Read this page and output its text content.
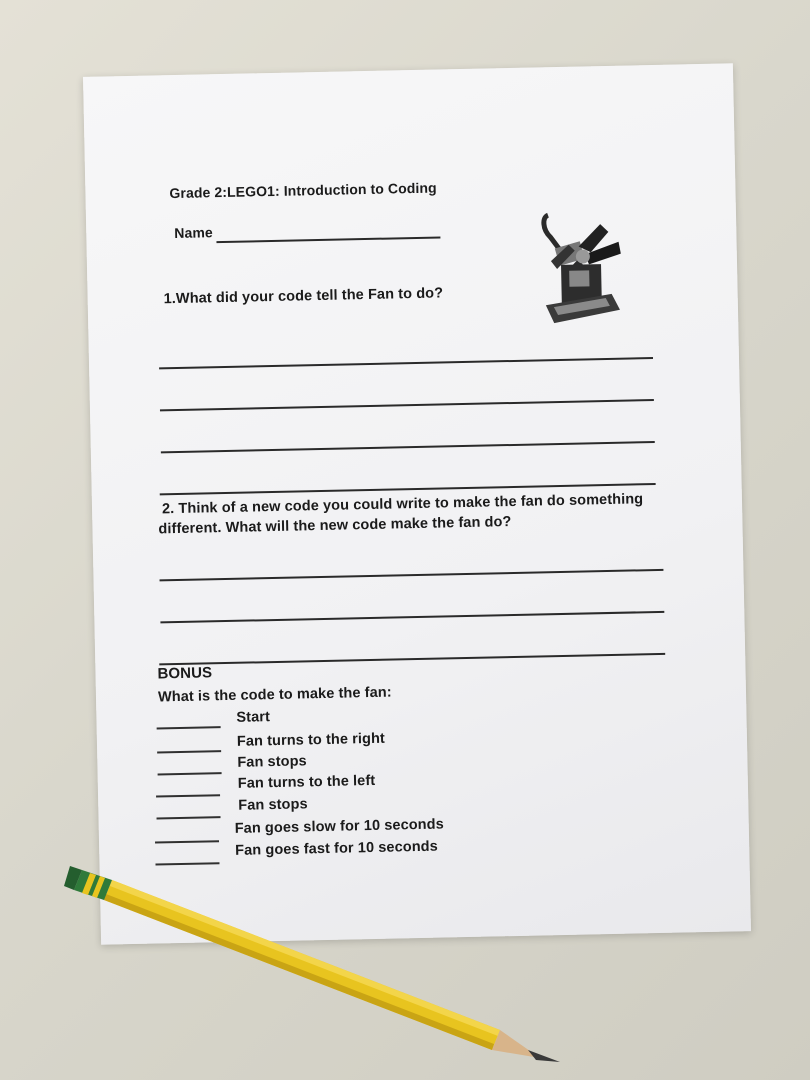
Grade 2:LEGO1: Introduction to Coding
Name
1.What did your code tell the Fan to do?
2. Think of a new code you could write to make the fan do something
different. What will the new code make the fan do?
BONUS
What is the code to make the fan:
Start
Fan turns to the right
Fan stops
Fan turns to the left
Fan stops
Fan goes slow for 10 seconds
Fan goes fast for 10 seconds
